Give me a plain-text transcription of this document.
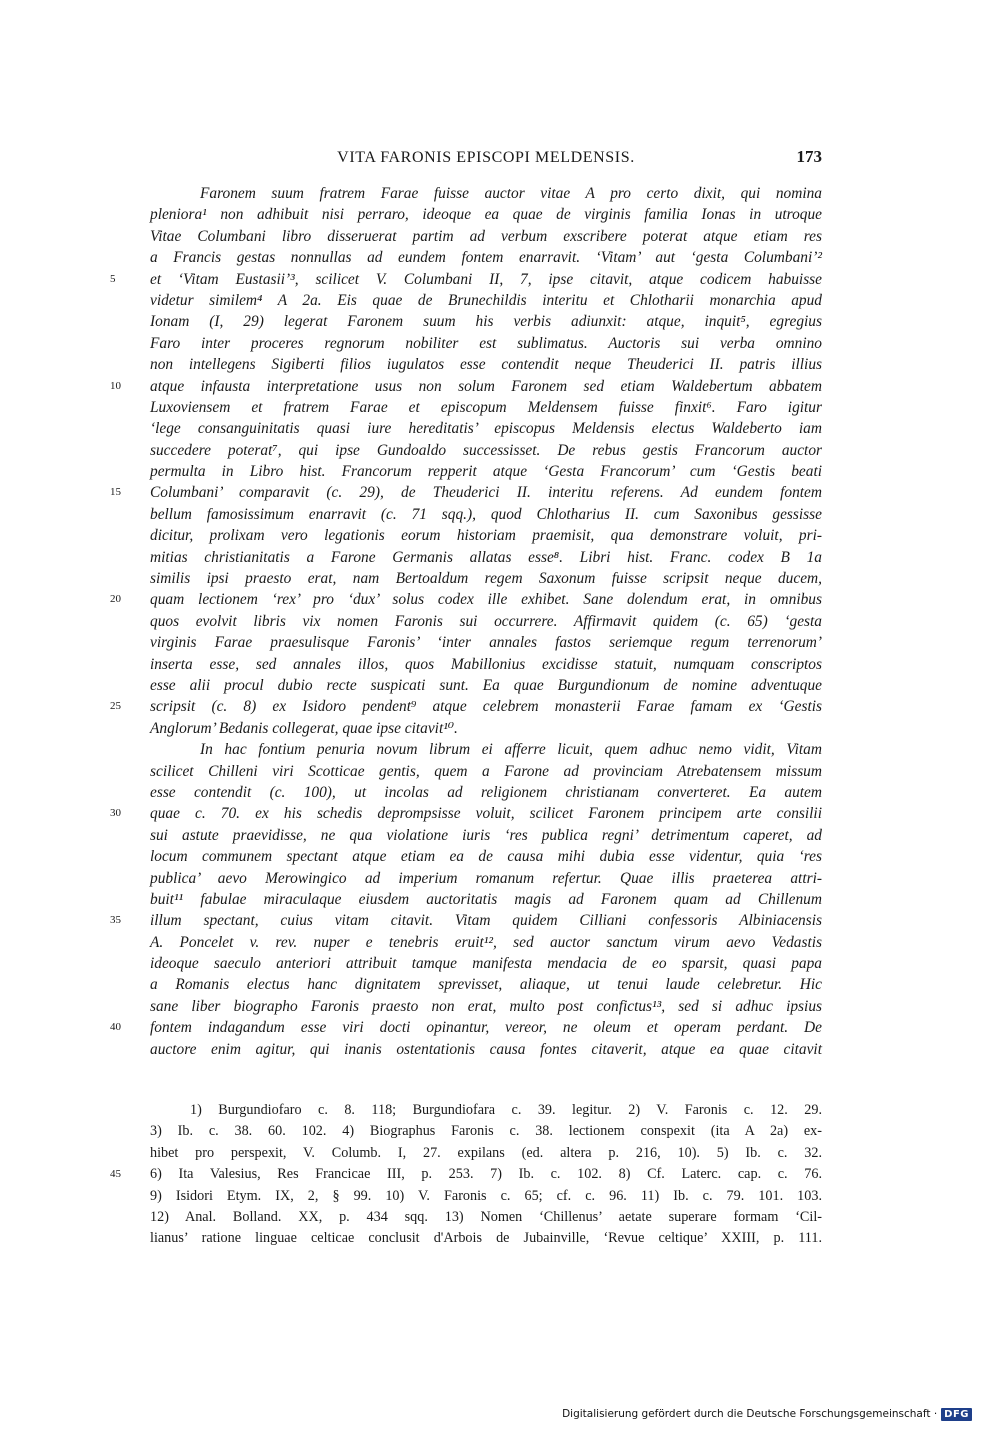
VITA FARONIS EPISCOPI MELDENSIS.	173
Faronem suum fratrem Farae fuisse auctor vitae A pro certo dixit, qui nomina
pleniora¹ non adhibuit nisi perraro, ideoque ea quae de virginis familia Ionas in utroque
Vitae Columbani libro disseruerat partim ad verbum exscribere poterat atque etiam res
a Francis gestas nonnullas ad eundem fontem enarravit. ‘Vitam’ aut ‘gesta Columbani’²
5	et ‘Vitam Eustasii’³, scilicet V. Columbani II, 7, ipse citavit, atque codicem habuisse
videtur similem⁴ A 2a. Eis quae de Brunechildis interitu et Chlotharii monarchia apud
Ionam (I, 29) legerat Faronem suum his verbis adiunxit: atque, inquit⁵, egregius
Faro inter proceres regnorum nobiliter est sublimatus. Auctoris sui verba omnino
non intellegens Sigiberti filios iugulatos esse contendit neque Theuderici II. patris illius
10	atque infausta interpretatione usus non solum Faronem sed etiam Waldebertum abbatem
Luxoviensem et fratrem Farae et episcopum Meldensem fuisse finxit⁶. Faro igitur
‘lege consanguinitatis quasi iure hereditatis’ episcopus Meldensis electus Waldeberto iam
succedere poterat⁷, qui ipse Gundoaldo successisset. De rebus gestis Francorum auctor
permulta in Libro hist. Francorum repperit atque ‘Gesta Francorum’ cum ‘Gestis beati
15	Columbani’ comparavit (c. 29), de Theuderici II. interitu referens. Ad eundem fontem
bellum famosissimum enarravit (c. 71 sqq.), quod Chlotharius II. cum Saxonibus gessisse
dicitur, prolixam vero legationis eorum historiam praemisit, qua demonstrare voluit, pri-
mitias christianitatis a Farone Germanis allatas esse⁸. Libri hist. Franc. codex B 1a
similis ipsi praesto erat, nam Bertoaldum regem Saxonum fuisse scripsit neque ducem,
20	quam lectionem ‘rex’ pro ‘dux’ solus codex ille exhibet. Sane dolendum erat, in omnibus
quos evolvit libris vix nomen Faronis sui occurrere. Affirmavit quidem (c. 65) ‘gesta
virginis Farae praesulisque Faronis’ ‘inter annales fastos seriemque regum terrenorum’
inserta esse, sed annales illos, quos Mabillonius excidisse statuit, numquam conscriptos
esse alii procul dubio recte suspicati sunt. Ea quae Burgundionum de nomine adventuque
25	scripsit (c. 8) ex Isidoro pendent⁹ atque celebrem monasterii Farae famam ex ‘Gestis
Anglorum’ Bedanis collegerat, quae ipse citavit¹⁰.
In hac fontium penuria novum librum ei afferre licuit, quem adhuc nemo vidit, Vitam
scilicet Chilleni viri Scotticae gentis, quem a Farone ad provinciam Atrebatensem missum
esse contendit (c. 100), ut incolas ad religionem christianam converteret. Ea autem
30	quae c. 70. ex his schedis deprompsisse voluit, scilicet Faronem principem arte consilii
sui astute praevidisse, ne qua violatione iuris ‘res publica regni’ detrimentum caperet, ad
locum communem spectant atque etiam ea de causa mihi dubia esse videntur, quia ‘res
publica’ aevo Merowingico ad imperium romanum refertur. Quae illis praeterea attri-
buit¹¹ fabulae miraculaque eiusdem auctoritatis magis ad Faronem quam ad Chillenum
35	illum spectant, cuius vitam citavit. Vitam quidem Cilliani confessoris Albiniacensis
A. Poncelet v. rev. nuper e tenebris eruit¹², sed auctor sanctum virum aevo Vedastis
ideoque saeculo anteriori attribuit tamque manifesta mendacia de eo sparsit, quasi papa
a Romanis electus hanc dignitatem sprevisset, aliaque, ut tenui laude celebretur. Hic
sane liber biographo Faronis praesto non erat, multo post confictus¹³, sed si adhuc ipsius
40	fontem indagandum esse viri docti opinantur, vereor, ne oleum et operam perdant. De
auctore enim agitur, qui inanis ostentationis causa fontes citaverit, atque ea quae citavit
1) Burgundiofaro c. 8. 118; Burgundiofara c. 39. legitur. 2) V. Faronis c. 12. 29.
3) Ib. c. 38. 60. 102. 4) Biographus Faronis c. 38. lectionem conspexit (ita A 2a) ex-
hibet pro perspexit, V. Columb. I, 27. expilans (ed. altera p. 216, 10). 5) Ib. c. 32.
45	6) Ita Valesius, Res Francicae III, p. 253. 7) Ib. c. 102. 8) Cf. Laterc. cap. c. 76.
9) Isidori Etym. IX, 2, § 99. 10) V. Faronis c. 65; cf. c. 96. 11) Ib. c. 79. 101. 103.
12) Anal. Bolland. XX, p. 434 sqq. 13) Nomen ‘Chillenus’ aetate superare formam ‘Cil-
lianus’ ratione linguae celticae conclusit d'Arbois de Jubainville, ‘Revue celtique’ XXIII, p. 111.
Digitalisierung gefördert durch die Deutsche Forschungsgemeinschaft · DFG
